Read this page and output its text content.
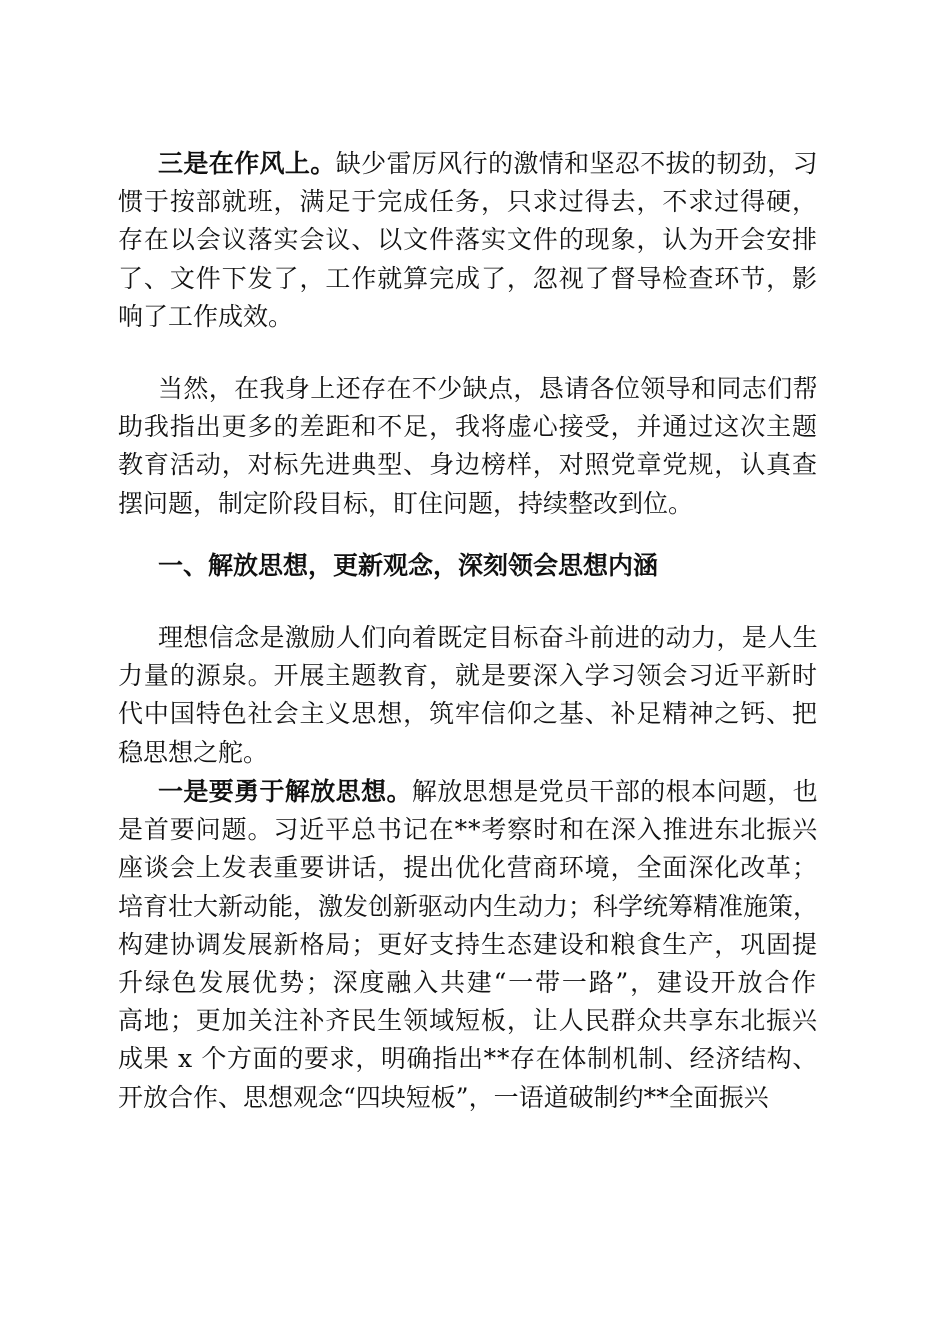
三是在作风上。缺少雷厉风行的激情和坚忍不拔的韧劲，习
惯于按部就班，满足于完成任务，只求过得去，不求过得硬，
存在以会议落实会议、以文件落实文件的现象，认为开会安排
了、文件下发了，工作就算完成了，忽视了督导检查环节，影
响了工作成效。
当然，在我身上还存在不少缺点，恳请各位领导和同志们帮
助我指出更多的差距和不足，我将虚心接受，并通过这次主题
教育活动，对标先进典型、身边榜样，对照党章党规，认真查
摆问题，制定阶段目标，盯住问题，持续整改到位。
一、解放思想，更新观念，深刻领会思想内涵
理想信念是激励人们向着既定目标奋斗前进的动力，是人生
力量的源泉。开展主题教育，就是要深入学习领会习近平新时
代中国特色社会主义思想，筑牢信仰之基、补足精神之钙、把
稳思想之舵。
一是要勇于解放思想。解放思想是党员干部的根本问题，也
是首要问题。习近平总书记在**考察时和在深入推进东北振兴
座谈会上发表重要讲话，提出优化营商环境，全面深化改革；
培育壮大新动能，激发创新驱动内生动力；科学统筹精准施策，
构建协调发展新格局；更好支持生态建设和粮食生产，巩固提
升绿色发展优势；深度融入共建“一带一路”，建设开放合作
高地；更加关注补齐民生领域短板，让人民群众共享东北振兴
成果 x 个方面的要求，明确指出**存在体制机制、经济结构、
开放合作、思想观念“四块短板”，一语道破制约**全面振兴
